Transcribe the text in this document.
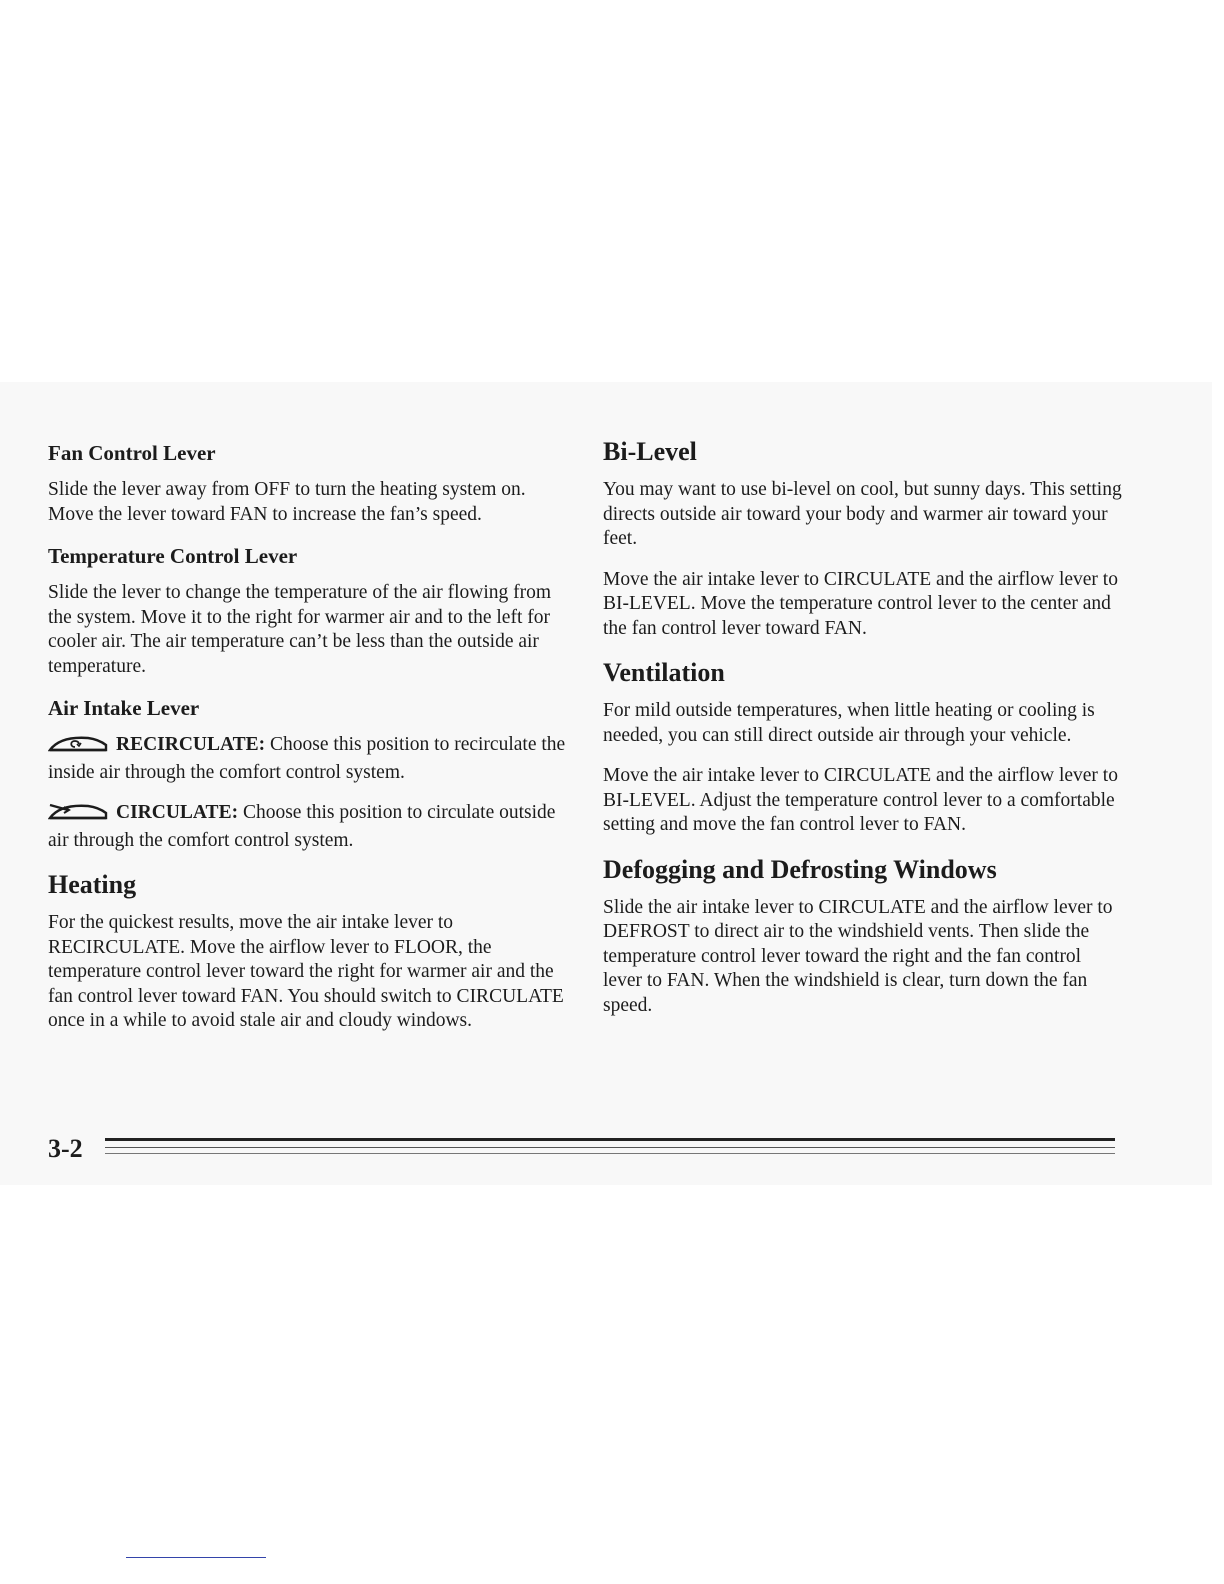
Fan Control Lever

Slide the lever away from OFF to turn the heating system on. Move the lever toward FAN to increase the fan’s speed.

Temperature Control Lever

Slide the lever to change the temperature of the air flowing from the system. Move it to the right for warmer air and to the left for cooler air. The air temperature can’t be less than the outside air temperature.

Air Intake Lever

RECIRCULATE: Choose this position to recirculate the inside air through the comfort control system.

CIRCULATE: Choose this position to circulate outside air through the comfort control system.

Heating

For the quickest results, move the air intake lever to RECIRCULATE. Move the airflow lever to FLOOR, the temperature control lever toward the right for warmer air and the fan control lever toward FAN. You should switch to CIRCULATE once in a while to avoid stale air and cloudy windows.

Bi-Level

You may want to use bi-level on cool, but sunny days. This setting directs outside air toward your body and warmer air toward your feet.

Move the air intake lever to CIRCULATE and the airflow lever to BI-LEVEL. Move the temperature control lever to the center and the fan control lever toward FAN.

Ventilation

For mild outside temperatures, when little heating or cooling is needed, you can still direct outside air through your vehicle.

Move the air intake lever to CIRCULATE and the airflow lever to BI-LEVEL. Adjust the temperature control lever to a comfortable setting and move the fan control lever to FAN.

Defogging and Defrosting Windows

Slide the air intake lever to CIRCULATE and the airflow lever to DEFROST to direct air to the windshield vents. Then slide the temperature control lever toward the right and the fan control lever to FAN. When the windshield is clear, turn down the fan speed.

3-2
